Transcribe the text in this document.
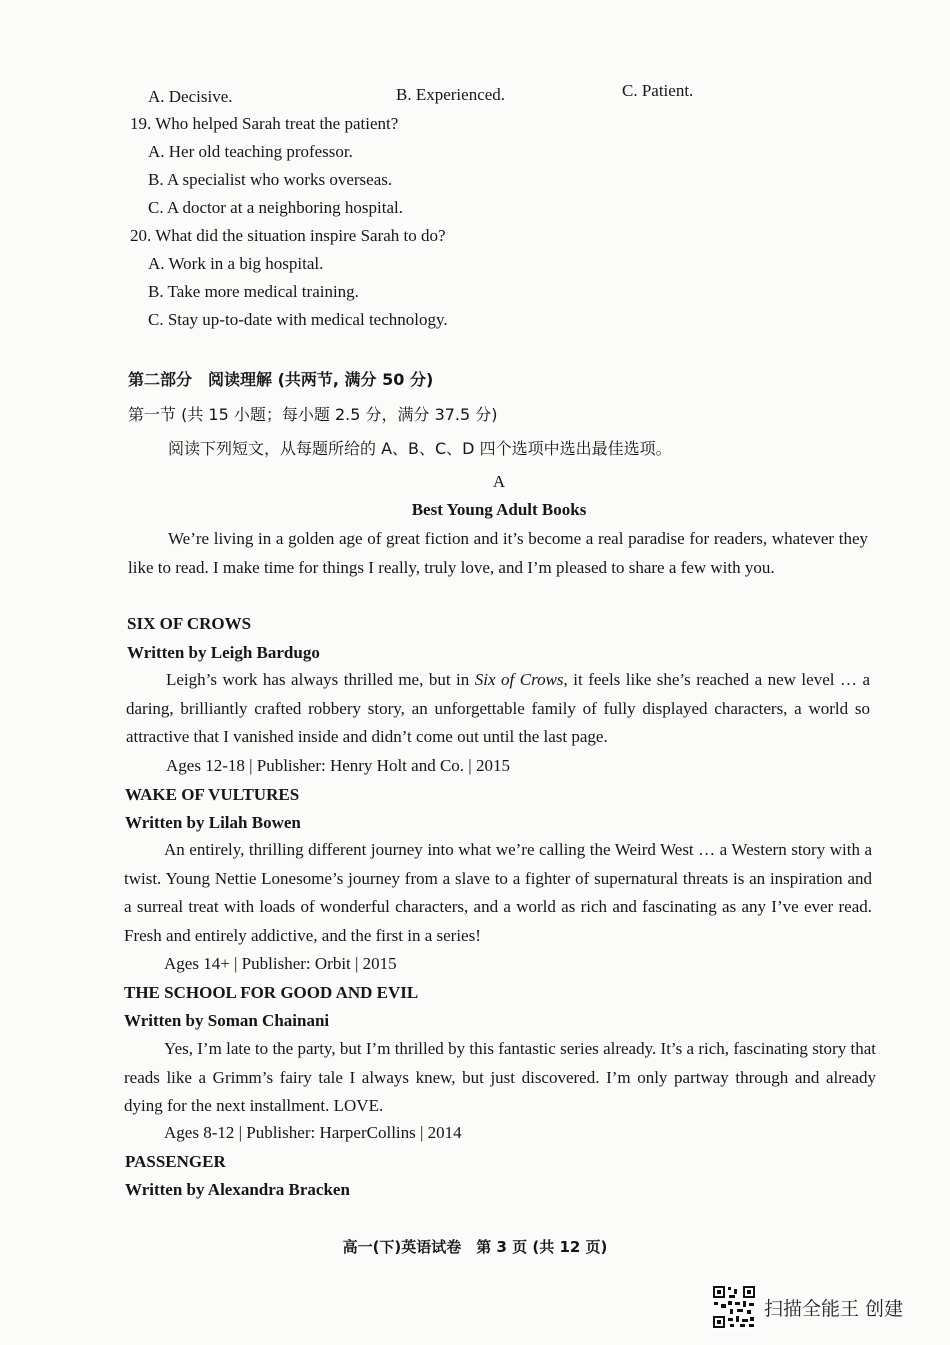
A. Decisive.	B. Experienced.	C. Patient.
19. Who helped Sarah treat the patient?
A. Her old teaching professor.
B. A specialist who works overseas.
C. A doctor at a neighboring hospital.
20. What did the situation inspire Sarah to do?
A. Work in a big hospital.
B. Take more medical training.
C. Stay up-to-date with medical technology.
第二部分　阅读理解 (共两节, 满分 50 分)
第一节 (共 15 小题；每小题 2.5 分，满分 37.5 分)
阅读下列短文，从每题所给的 A、B、C、D 四个选项中选出最佳选项。
A
Best Young Adult Books

We’re living in a golden age of great fiction and it’s become a real paradise for readers, whatever they like to read. I make time for things I really, truly love, and I’m pleased to share a few with you.

SIX OF CROWS
Written by Leigh Bardugo

Leigh’s work has always thrilled me, but in Six of Crows, it feels like she’s reached a new level … a daring, brilliantly crafted robbery story, an unforgettable family of fully displayed characters, a world so attractive that I vanished inside and didn’t come out until the last page.

Ages 12-18 | Publisher: Henry Holt and Co. | 2015
WAKE OF VULTURES
Written by Lilah Bowen

An entirely, thrilling different journey into what we’re calling the Weird West … a Western story with a twist. Young Nettie Lonesome’s journey from a slave to a fighter of supernatural threats is an inspiration and a surreal treat with loads of wonderful characters, and a world as rich and fascinating as any I’ve ever read. Fresh and entirely addictive, and the first in a series!

Ages 14+ | Publisher: Orbit | 2015
THE SCHOOL FOR GOOD AND EVIL
Written by Soman Chainani

Yes, I’m late to the party, but I’m thrilled by this fantastic series already. It’s a rich, fascinating story that reads like a Grimm’s fairy tale I always knew, but just discovered. I’m only partway through and already dying for the next installment. LOVE.

Ages 8-12 | Publisher: HarperCollins | 2014
PASSENGER
Written by Alexandra Bracken
高一(下)英语试卷　第 3 页 (共 12 页)
扫描全能王 创建
